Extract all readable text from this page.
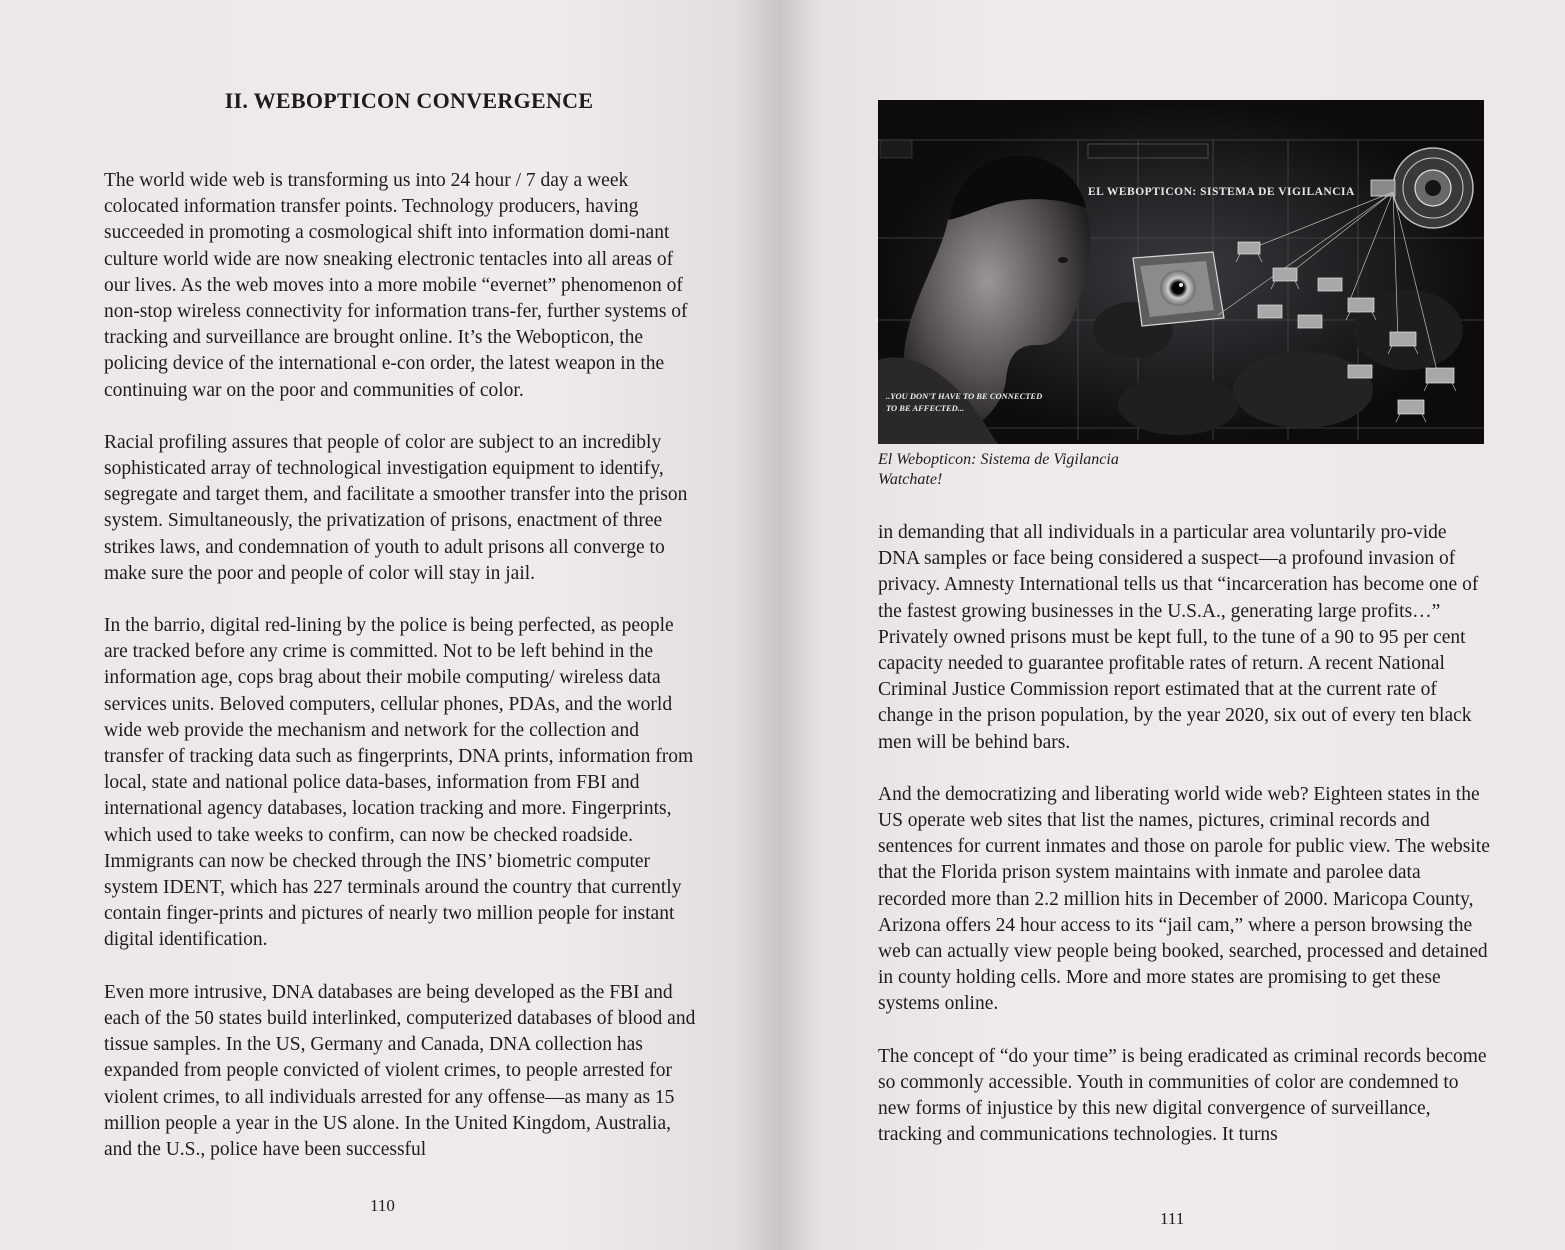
II. WEBOPTICON CONVERGENCE

The world wide web is transforming us into 24 hour / 7 day a week colocated information transfer points. Technology producers, having succeeded in promoting a cosmological shift into information domi-nant culture world wide are now sneaking electronic tentacles into all areas of our lives. As the web moves into a more mobile “evernet” phenomenon of non-stop wireless connectivity for information trans-fer, further systems of tracking and surveillance are brought online. It’s the Webopticon, the policing device of the international e-con order, the latest weapon in the continuing war on the poor and communities of color.

Racial profiling assures that people of color are subject to an incredibly sophisticated array of technological investigation equipment to identify, segregate and target them, and facilitate a smoother transfer into the prison system. Simultaneously, the privatization of prisons, enactment of three strikes laws, and condemnation of youth to adult prisons all converge to make sure the poor and people of color will stay in jail.

In the barrio, digital red-lining by the police is being perfected, as people are tracked before any crime is committed. Not to be left behind in the information age, cops brag about their mobile computing/ wireless data services units. Beloved computers, cellular phones, PDAs, and the world wide web provide the mechanism and network for the collection and transfer of tracking data such as fingerprints, DNA prints, information from local, state and national police data-bases, information from FBI and international agency databases, location tracking and more. Fingerprints, which used to take weeks to confirm, can now be checked roadside. Immigrants can now be checked through the INS’ biometric computer system IDENT, which has 227 terminals around the country that currently contain finger-prints and pictures of nearly two million people for instant digital identification.

Even more intrusive, DNA databases are being developed as the FBI and each of the 50 states build interlinked, computerized databases of blood and tissue samples. In the US, Germany and Canada, DNA collection has expanded from people convicted of violent crimes, to people arrested for violent crimes, to all individuals arrested for any offense—as many as 15 million people a year in the US alone. In the United Kingdom, Australia, and the U.S., police have been successful

110
EL WEBOPTICON: SISTEMA DE VIGILANCIA
..YOU DON'T HAVE TO BE CONNECTED
TO BE AFFECTED...
El Webopticon: Sistema de Vigilancia
Watchate!

in demanding that all individuals in a particular area voluntarily pro-vide DNA samples or face being considered a suspect—a profound invasion of privacy. Amnesty International tells us that “incarceration has become one of the fastest growing businesses in the U.S.A., generating large profits…” Privately owned prisons must be kept full, to the tune of a 90 to 95 per cent capacity needed to guarantee profitable rates of return. A recent National Criminal Justice Commission report estimated that at the current rate of change in the prison population, by the year 2020, six out of every ten black men will be behind bars.

And the democratizing and liberating world wide web? Eighteen states in the US operate web sites that list the names, pictures, criminal records and sentences for current inmates and those on parole for public view. The website that the Florida prison system maintains with inmate and parolee data recorded more than 2.2 million hits in December of 2000. Maricopa County, Arizona offers 24 hour access to its “jail cam,” where a person browsing the web can actually view people being booked, searched, processed and detained in county holding cells. More and more states are promising to get these systems online.

The concept of “do your time” is being eradicated as criminal records become so commonly accessible. Youth in communities of color are condemned to new forms of injustice by this new digital convergence of surveillance, tracking and communications technologies. It turns

111
